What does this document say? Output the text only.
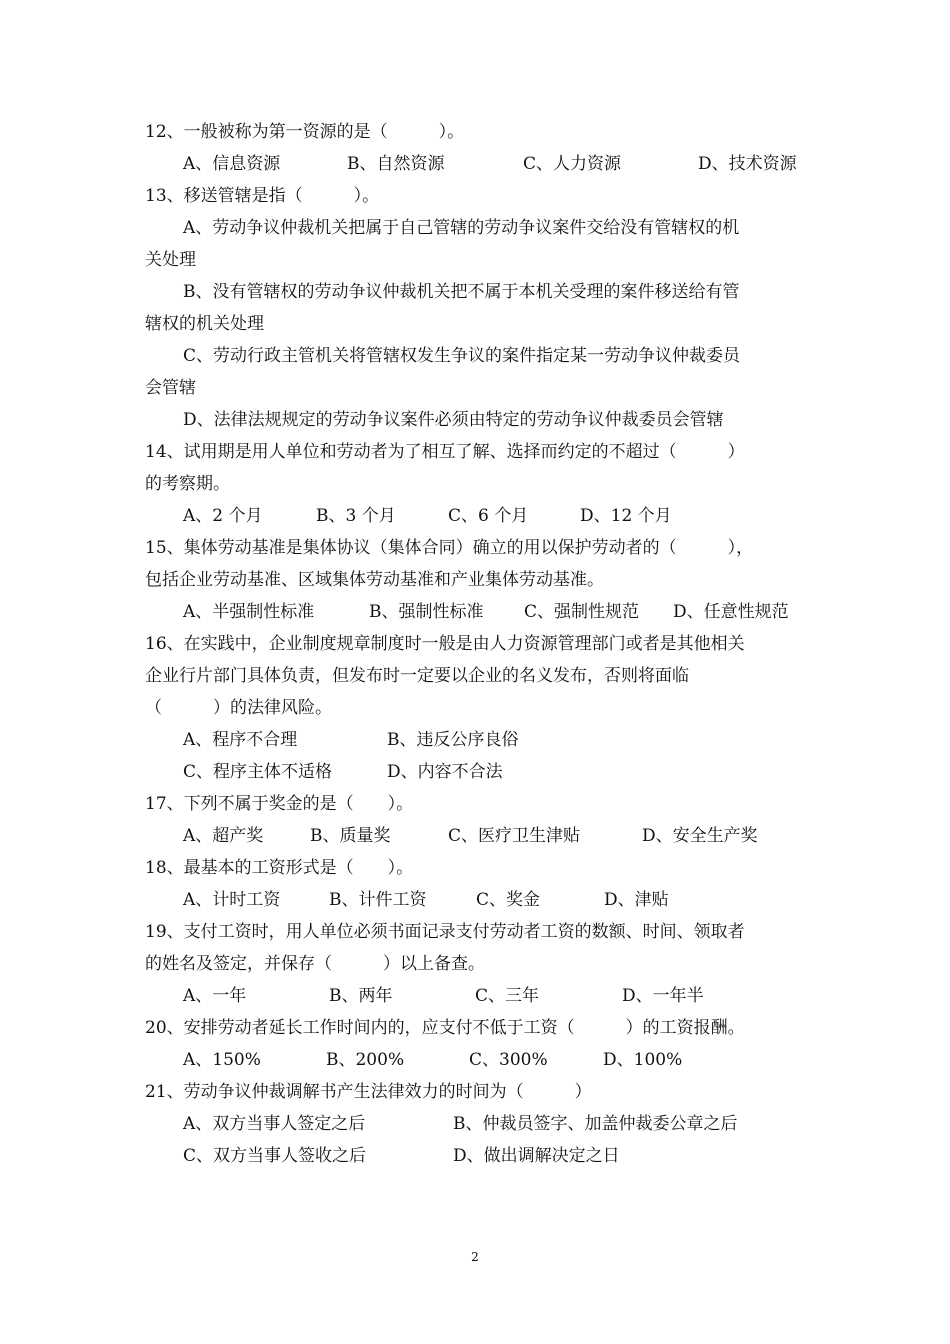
12、一般被称为第一资源的是（　　　）。
A、信息资源	B、自然资源	C、人力资源	D、技术资源
13、移送管辖是指（　　　）。
A、劳动争议仲裁机关把属于自己管辖的劳动争议案件交给没有管辖权的机
关处理
B、没有管辖权的劳动争议仲裁机关把不属于本机关受理的案件移送给有管
辖权的机关处理
C、劳动行政主管机关将管辖权发生争议的案件指定某一劳动争议仲裁委员
会管辖
D、法律法规规定的劳动争议案件必须由特定的劳动争议仲裁委员会管辖
14、试用期是用人单位和劳动者为了相互了解、选择而约定的不超过（　　　）
的考察期。
A、2 个月	B、3 个月	C、6 个月	D、12 个月
15、集体劳动基准是集体协议（集体合同）确立的用以保护劳动者的（　　　），
包括企业劳动基准、区域集体劳动基准和产业集体劳动基准。
A、半强制性标准	B、强制性标准 C、强制性规范 D、任意性规范
16、在实践中，企业制度规章制度时一般是由人力资源管理部门或者是其他相关
企业行片部门具体负责，但发布时一定要以企业的名义发布，否则将面临
（　　　）的法律风险。
A、程序不合理	B、违反公序良俗
C、程序主体不适格	D、内容不合法
17、下列不属于奖金的是（　　）。
A、超产奖	B、质量奖	C、医疗卫生津贴	D、安全生产奖
18、最基本的工资形式是（　　）。
A、计时工资	B、计件工资	C、奖金	D、津贴
19、支付工资时，用人单位必须书面记录支付劳动者工资的数额、时间、领取者
的姓名及签定，并保存（　　　）以上备查。
A、一年	B、两年	C、三年	D、一年半
20、安排劳动者延长工作时间内的，应支付不低于工资（　　　）的工资报酬。
A、150%	B、200%	C、300%	D、100%
21、劳动争议仲裁调解书产生法律效力的时间为（　　　）
A、双方当事人签定之后	B、仲裁员签字、加盖仲裁委公章之后
C、双方当事人签收之后	D、做出调解决定之日
2
